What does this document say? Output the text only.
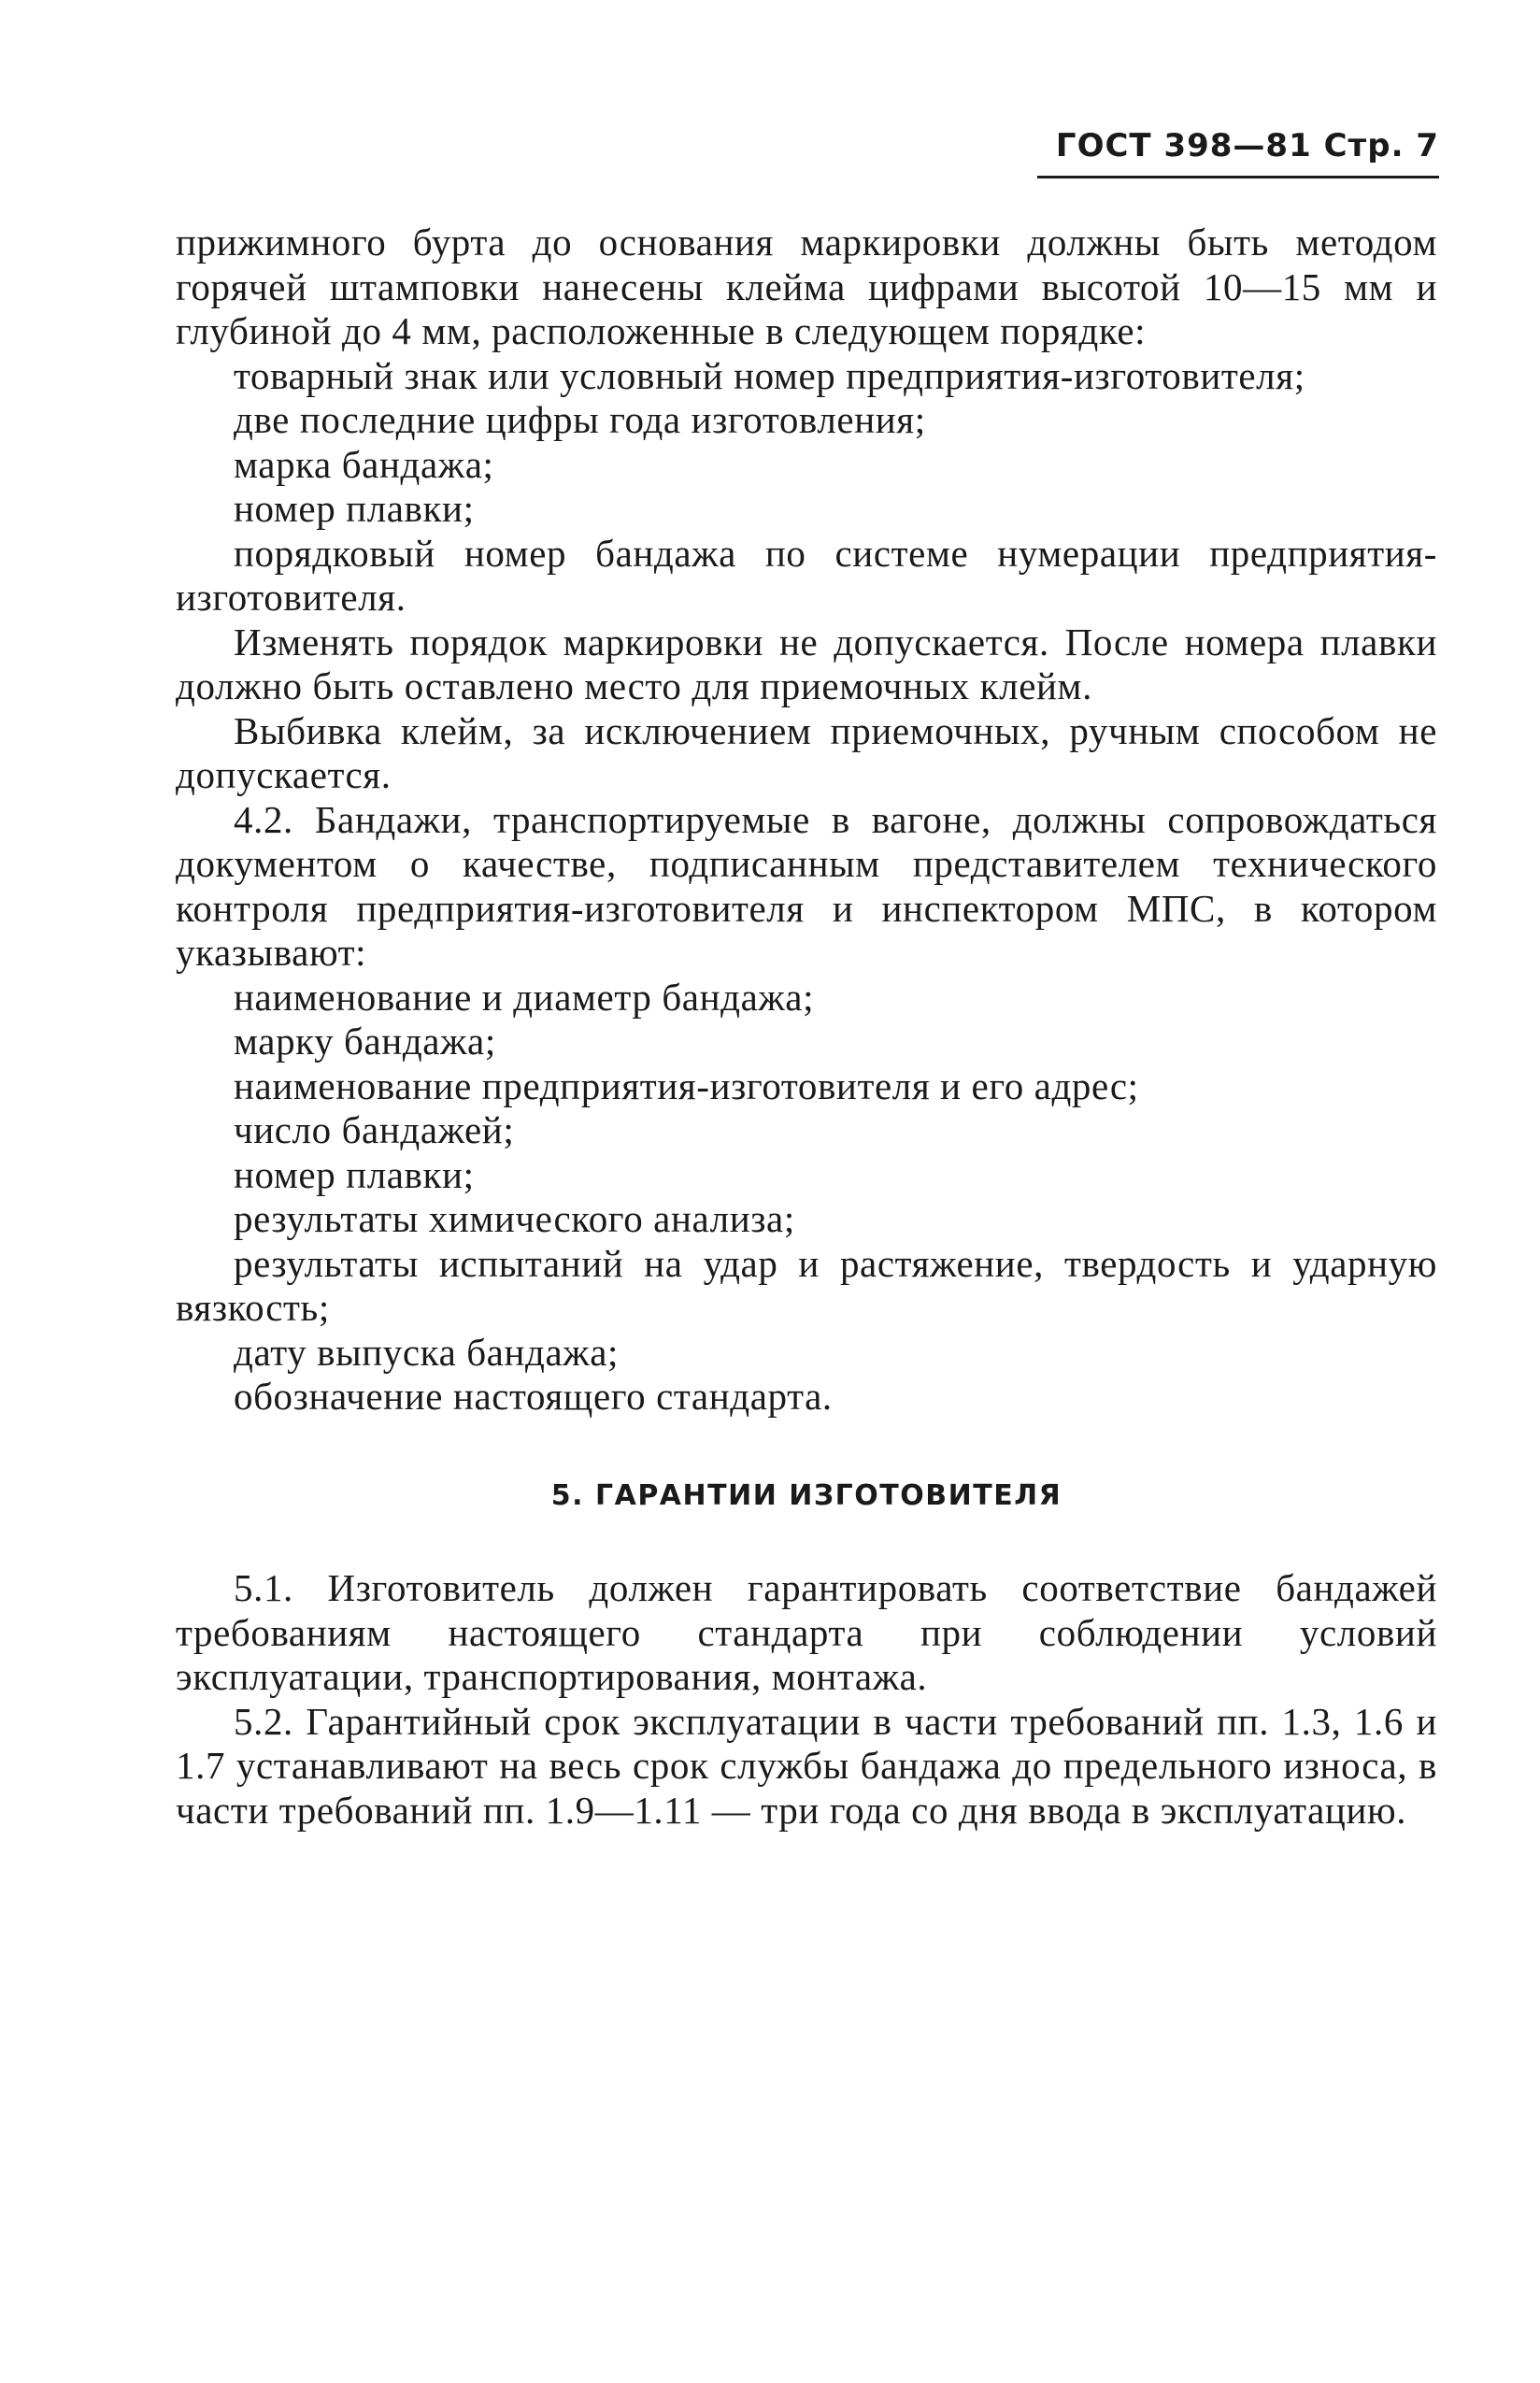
ГОСТ 398—81 Стр. 7

прижимного бурта до основания маркировки должны быть методом горячей штамповки нанесены клейма цифрами высотой 10—15 мм и глубиной до 4 мм, расположенные в следующем порядке:

товарный знак или условный номер предприятия-изготовителя;

две последние цифры года изготовления;

марка бандажа;

номер плавки;

порядковый номер бандажа по системе нумерации предприятия-изготовителя.

Изменять порядок маркировки не допускается. После номера плавки должно быть оставлено место для приемочных клейм.

Выбивка клейм, за исключением приемочных, ручным способом не допускается.

4.2. Бандажи, транспортируемые в вагоне, должны сопровождаться документом о качестве, подписанным представителем технического контроля предприятия-изготовителя и инспектором МПС, в котором указывают:

наименование и диаметр бандажа;

марку бандажа;

наименование предприятия-изготовителя и его адрес;

число бандажей;

номер плавки;

результаты химического анализа;

результаты испытаний на удар и растяжение, твердость и ударную вязкость;

дату выпуска бандажа;

обозначение настоящего стандарта.

5. ГАРАНТИИ ИЗГОТОВИТЕЛЯ

5.1. Изготовитель должен гарантировать соответствие бандажей требованиям настоящего стандарта при соблюдении условий эксплуатации, транспортирования, монтажа.

5.2. Гарантийный срок эксплуатации в части требований пп. 1.3, 1.6 и 1.7 устанавливают на весь срок службы бандажа до предельного износа, в части требований пп. 1.9—1.11 — три года со дня ввода в эксплуатацию.
